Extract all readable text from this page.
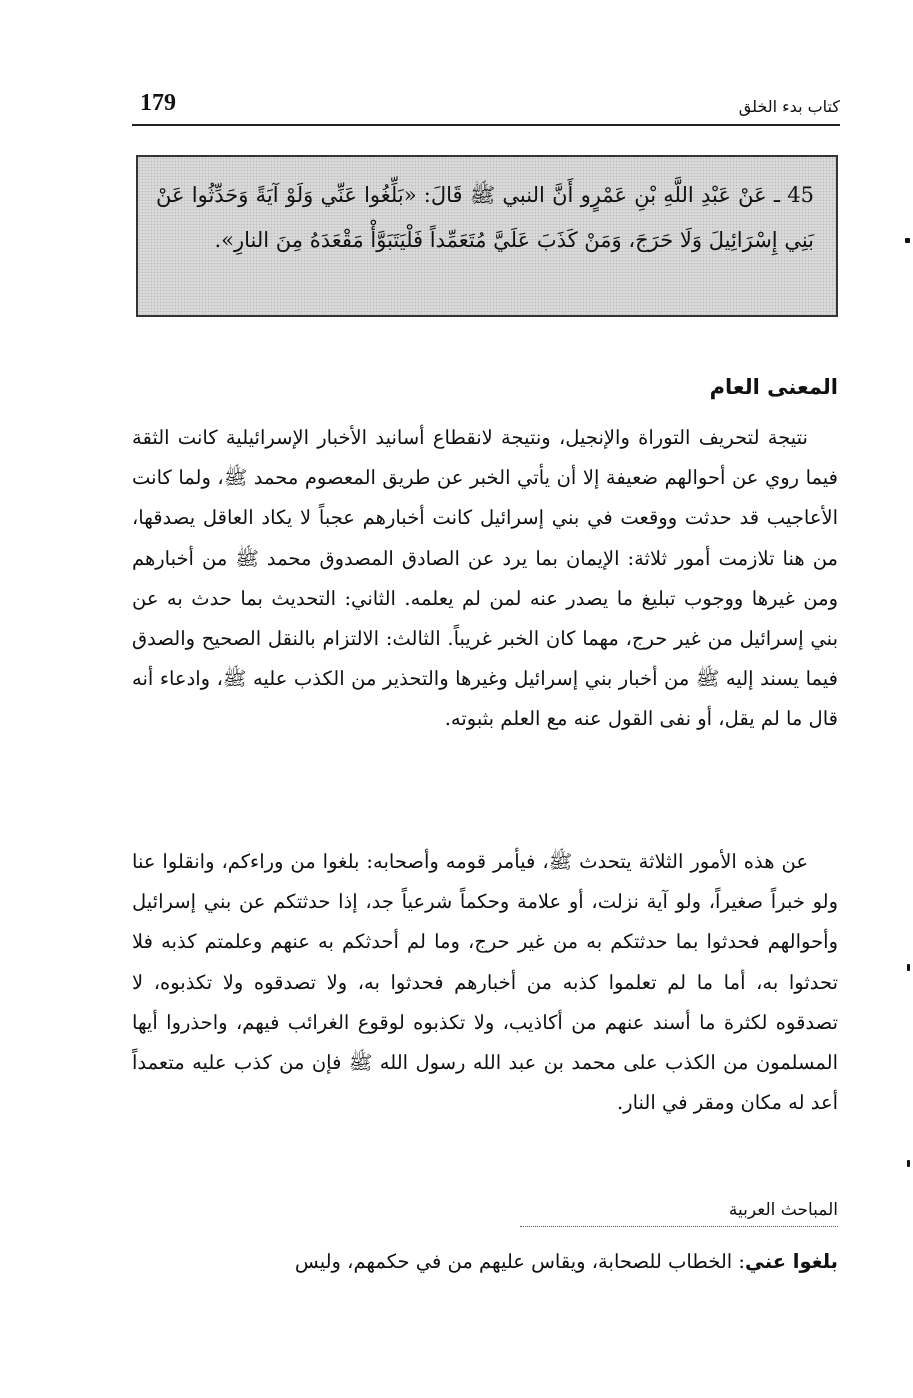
179	كتاب بدء الخلق

45 ـ عَنْ عَبْدِ اللَّهِ بْنِ عَمْرٍو أَنَّ النبي ﷺ قَالَ: «بَلِّغُوا عَنِّي وَلَوْ آيَةً وَحَدِّثُوا عَنْ بَنِي إِسْرَائِيلَ وَلَا حَرَجَ، وَمَنْ كَذَبَ عَلَيَّ مُتَعَمِّداً فَلْيَتَبَوَّأْ مَقْعَدَهُ مِنَ النارِ».

المعنى العام

نتيجة لتحريف التوراة والإنجيل، ونتيجة لانقطاع أسانيد الأخبار الإسرائيلية كانت الثقة فيما روي عن أحوالهم ضعيفة إلا أن يأتي الخبر عن طريق المعصوم محمد ﷺ، ولما كانت الأعاجيب قد حدثت ووقعت في بني إسرائيل كانت أخبارهم عجباً لا يكاد العاقل يصدقها، من هنا تلازمت أمور ثلاثة: الإيمان بما يرد عن الصادق المصدوق محمد ﷺ من أخبارهم ومن غيرها ووجوب تبليغ ما يصدر عنه لمن لم يعلمه. الثاني: التحديث بما حدث به عن بني إسرائيل من غير حرج، مهما كان الخبر غريباً. الثالث: الالتزام بالنقل الصحيح والصدق فيما يسند إليه ﷺ من أخبار بني إسرائيل وغيرها والتحذير من الكذب عليه ﷺ، وادعاء أنه قال ما لم يقل، أو نفى القول عنه مع العلم بثبوته.

عن هذه الأمور الثلاثة يتحدث ﷺ، فيأمر قومه وأصحابه: بلغوا من وراءكم، وانقلوا عنا ولو خبراً صغيراً، ولو آية نزلت، أو علامة وحكماً شرعياً جد، إذا حدثتكم عن بني إسرائيل وأحوالهم فحدثوا بما حدثتكم به من غير حرج، وما لم أحدثكم به عنهم وعلمتم كذبه فلا تحدثوا به، أما ما لم تعلموا كذبه من أخبارهم فحدثوا به، ولا تصدقوه ولا تكذبوه، لا تصدقوه لكثرة ما أسند عنهم من أكاذيب، ولا تكذبوه لوقوع الغرائب فيهم، واحذروا أيها المسلمون من الكذب على محمد بن عبد الله رسول الله ﷺ فإن من كذب عليه متعمداً أعد له مكان ومقر في النار.

المباحث العربية
بلغوا عني: الخطاب للصحابة، ويقاس عليهم من في حكمهم، وليس
